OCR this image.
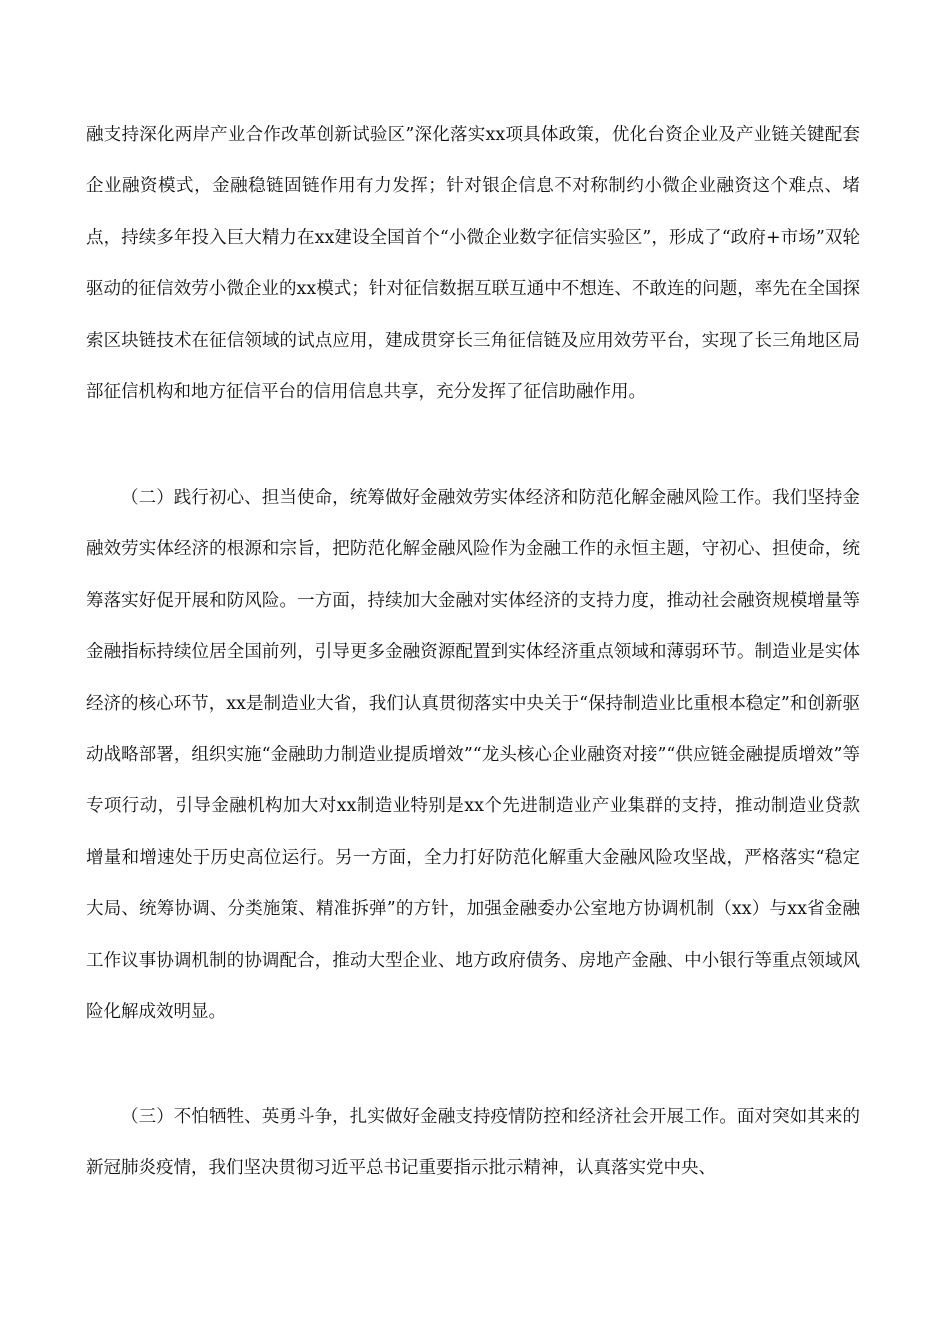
融支持深化两岸产业合作改革创新试验区”深化落实xx项具体政策，优化台资企业及产业链关键配套企业融资模式，金融稳链固链作用有力发挥；针对银企信息不对称制约小微企业融资这个难点、堵点，持续多年投入巨大精力在xx建设全国首个“小微企业数字征信实验区”，形成了“政府+市场”双轮驱动的征信效劳小微企业的xx模式；针对征信数据互联互通中不想连、不敢连的问题，率先在全国探索区块链技术在征信领域的试点应用，建成贯穿长三角征信链及应用效劳平台，实现了长三角地区局部征信机构和地方征信平台的信用信息共享，充分发挥了征信助融作用。

（二）践行初心、担当使命，统筹做好金融效劳实体经济和防范化解金融风险工作。我们坚持金融效劳实体经济的根源和宗旨，把防范化解金融风险作为金融工作的永恒主题，守初心、担使命，统筹落实好促开展和防风险。一方面，持续加大金融对实体经济的支持力度，推动社会融资规模增量等金融指标持续位居全国前列，引导更多金融资源配置到实体经济重点领域和薄弱环节。制造业是实体经济的核心环节，xx是制造业大省，我们认真贯彻落实中央关于“保持制造业比重根本稳定”和创新驱动战略部署，组织实施“金融助力制造业提质增效”“龙头核心企业融资对接”“供应链金融提质增效”等专项行动，引导金融机构加大对xx制造业特别是xx个先进制造业产业集群的支持，推动制造业贷款增量和增速处于历史高位运行。另一方面，全力打好防范化解重大金融风险攻坚战，严格落实“稳定大局、统筹协调、分类施策、精准拆弹”的方针，加强金融委办公室地方协调机制（xx）与xx省金融工作议事协调机制的协调配合，推动大型企业、地方政府债务、房地产金融、中小银行等重点领域风险化解成效明显。

（三）不怕牺牲、英勇斗争，扎实做好金融支持疫情防控和经济社会开展工作。面对突如其来的新冠肺炎疫情，我们坚决贯彻习近平总书记重要指示批示精神，认真落实党中央、
